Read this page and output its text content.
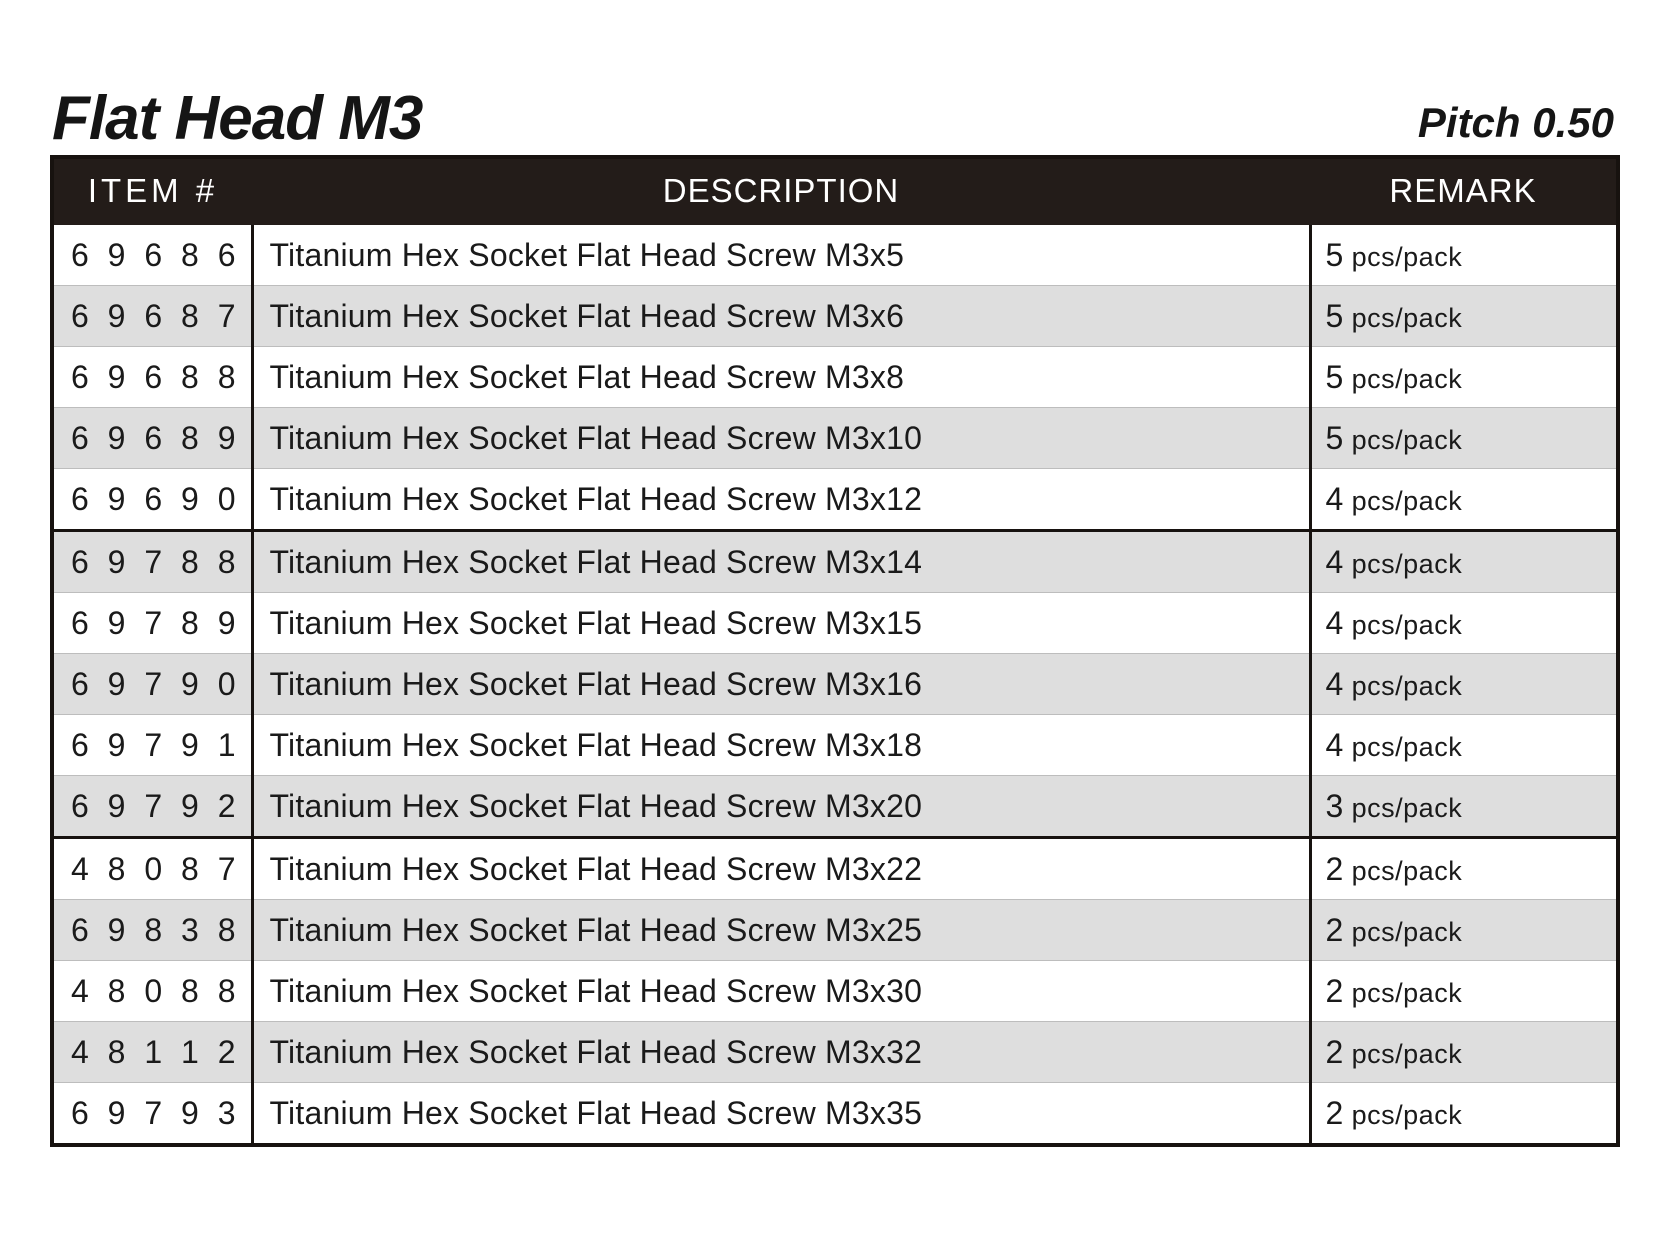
Flat Head M3	Pitch 0.50
ITEM #	DESCRIPTION	REMARK
6 9 6 8 6	Titanium Hex Socket Flat Head Screw M3x5	5 pcs/pack
6 9 6 8 7	Titanium Hex Socket Flat Head Screw M3x6	5 pcs/pack
6 9 6 8 8	Titanium Hex Socket Flat Head Screw M3x8	5 pcs/pack
6 9 6 8 9	Titanium Hex Socket Flat Head Screw M3x10	5 pcs/pack
6 9 6 9 0	Titanium Hex Socket Flat Head Screw M3x12	4 pcs/pack
6 9 7 8 8	Titanium Hex Socket Flat Head Screw M3x14	4 pcs/pack
6 9 7 8 9	Titanium Hex Socket Flat Head Screw M3x15	4 pcs/pack
6 9 7 9 0	Titanium Hex Socket Flat Head Screw M3x16	4 pcs/pack
6 9 7 9 1	Titanium Hex Socket Flat Head Screw M3x18	4 pcs/pack
6 9 7 9 2	Titanium Hex Socket Flat Head Screw M3x20	3 pcs/pack
4 8 0 8 7	Titanium Hex Socket Flat Head Screw M3x22	2 pcs/pack
6 9 8 3 8	Titanium Hex Socket Flat Head Screw M3x25	2 pcs/pack
4 8 0 8 8	Titanium Hex Socket Flat Head Screw M3x30	2 pcs/pack
4 8 1 1 2	Titanium Hex Socket Flat Head Screw M3x32	2 pcs/pack
6 9 7 9 3	Titanium Hex Socket Flat Head Screw M3x35	2 pcs/pack
